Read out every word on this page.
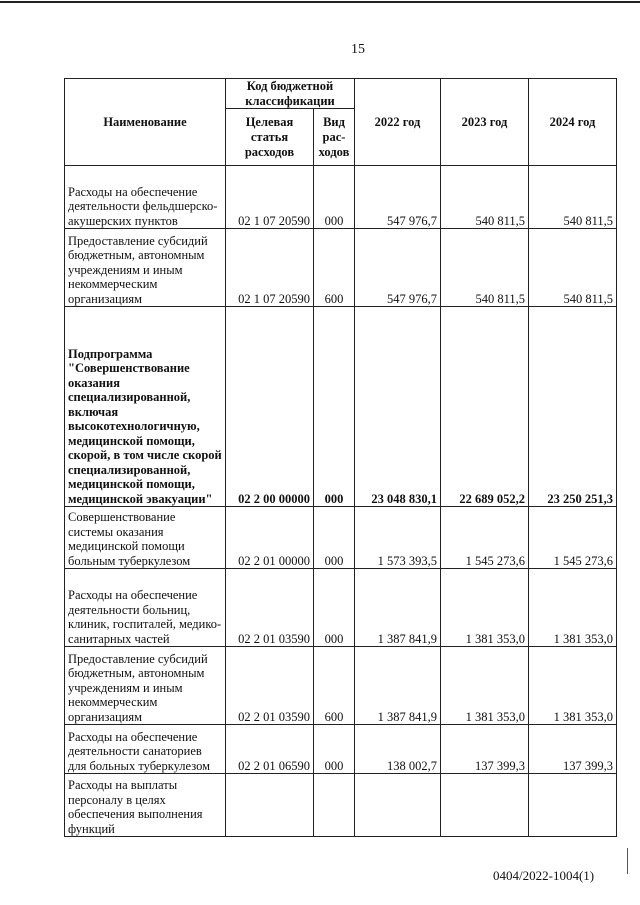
15
Наименование	Код бюджетной классификации		2022 год	2023 год	2024 год
	Целевая статья расходов	Вид рас-ходов			
Расходы на обеспечение деятельности фельдшерско-акушерских пунктов	02 1 07 20590	000	547 976,7	540 811,5	540 811,5
Предоставление субсидий бюджетным, автономным учреждениям и иным некоммерческим организациям	02 1 07 20590	600	547 976,7	540 811,5	540 811,5
Подпрограмма "Совершенствование оказания специализированной, включая высокотехнологичную, медицинской помощи, скорой, в том числе скорой специализированной, медицинской помощи, медицинской эвакуации"	02 2 00 00000	000	23 048 830,1	22 689 052,2	23 250 251,3
Совершенствование системы оказания медицинской помощи больным туберкулезом	02 2 01 00000	000	1 573 393,5	1 545 273,6	1 545 273,6
Расходы на обеспечение деятельности больниц, клиник, госпиталей, медико-санитарных частей	02 2 01 03590	000	1 387 841,9	1 381 353,0	1 381 353,0
Предоставление субсидий бюджетным, автономным учреждениям и иным некоммерческим организациям	02 2 01 03590	600	1 387 841,9	1 381 353,0	1 381 353,0
Расходы на обеспечение деятельности санаториев для больных туберкулезом	02 2 01 06590	000	138 002,7	137 399,3	137 399,3
Расходы на выплаты персоналу в целях обеспечения выполнения функций					
0404/2022-1004(1)
